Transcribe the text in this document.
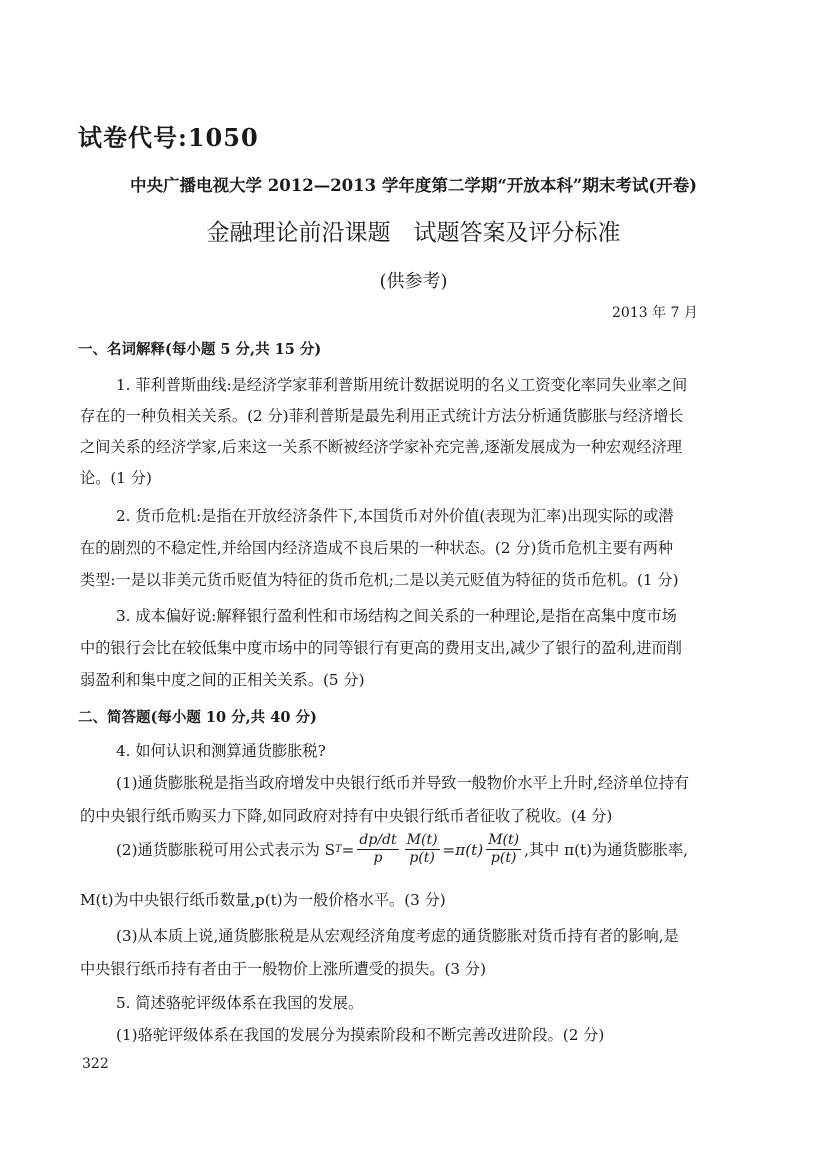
试卷代号:1050
中央广播电视大学 2012—2013 学年度第二学期“开放本科”期末考试(开卷)
金融理论前沿课题　试题答案及评分标准
(供参考)
2013 年 7 月
一、名词解释(每小题 5 分,共 15 分)
1. 菲利普斯曲线:是经济学家菲利普斯用统计数据说明的名义工资变化率同失业率之间
存在的一种负相关关系。(2 分)菲利普斯是最先利用正式统计方法分析通货膨胀与经济增长
之间关系的经济学家,后来这一关系不断被经济学家补充完善,逐渐发展成为一种宏观经济理
论。(1 分)
2. 货币危机:是指在开放经济条件下,本国货币对外价值(表现为汇率)出现实际的或潜
在的剧烈的不稳定性,并给国内经济造成不良后果的一种状态。(2 分)货币危机主要有两种
类型:一是以非美元货币贬值为特征的货币危机;二是以美元贬值为特征的货币危机。(1 分)
3. 成本偏好说:解释银行盈利性和市场结构之间关系的一种理论,是指在高集中度市场
中的银行会比在较低集中度市场中的同等银行有更高的费用支出,减少了银行的盈利,进而削
弱盈利和集中度之间的正相关关系。(5 分)
二、简答题(每小题 10 分,共 40 分)
4. 如何认识和测算通货膨胀税?
(1)通货膨胀税是指当政府增发中央银行纸币并导致一般物价水平上升时,经济单位持有
的中央银行纸币购买力下降,如同政府对持有中央银行纸币者征收了税收。(4 分)
(2)通货膨胀税可用公式表示为 S $T = \frac{dp/dt}{p} \frac{M(t)}{p(t)} =\pi(t) \frac{M(t)}{p(t)}$ ,其中 π(t)为通货膨胀率,
M(t)为中央银行纸币数量,p(t)为一般价格水平。(3 分)
(3)从本质上说,通货膨胀税是从宏观经济角度考虑的通货膨胀对货币持有者的影响,是
中央银行纸币持有者由于一般物价上涨所遭受的损失。(3 分)
5. 简述骆驼评级体系在我国的发展。
(1)骆驼评级体系在我国的发展分为摸索阶段和不断完善改进阶段。(2 分)
322
